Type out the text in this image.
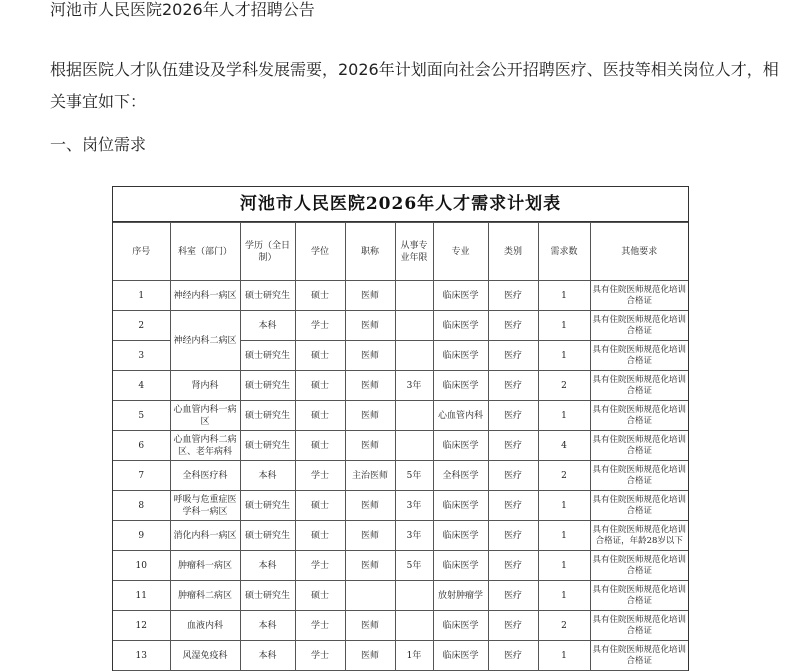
河池市人民医院2026年人才招聘公告
根据医院人才队伍建设及学科发展需要，2026年计划面向社会公开招聘医疗、医技等相关岗位人才，相关事宜如下：
一、岗位需求
河池市人民医院2026年人才需求计划表
序号	科室（部门）	学历（全日制）	学位	职称	从事专业年限	专业	类别	需求数	其他要求
1	神经内科一病区	硕士研究生	硕士	医师		临床医学	医疗	1	具有住院医师规范化培训合格证
2	神经内科二病区	本科	学士	医师		临床医学	医疗	1	具有住院医师规范化培训合格证
3		硕士研究生	硕士	医师		临床医学	医疗	1	具有住院医师规范化培训合格证
4	肾内科	硕士研究生	硕士	医师	3年	临床医学	医疗	2	具有住院医师规范化培训合格证
5	心血管内科一病区	硕士研究生	硕士	医师		心血管内科	医疗	1	具有住院医师规范化培训合格证
6	心血管内科二病区、老年病科	硕士研究生	硕士	医师		临床医学	医疗	4	具有住院医师规范化培训合格证
7	全科医疗科	本科	学士	主治医师	5年	全科医学	医疗	2	具有住院医师规范化培训合格证
8	呼吸与危重症医学科一病区	硕士研究生	硕士	医师	3年	临床医学	医疗	1	具有住院医师规范化培训合格证
9	消化内科一病区	硕士研究生	硕士	医师	3年	临床医学	医疗	1	具有住院医师规范化培训合格证，年龄28岁以下
10	肿瘤科一病区	本科	学士	医师	5年	临床医学	医疗	1	具有住院医师规范化培训合格证
11	肿瘤科二病区	硕士研究生	硕士			放射肿瘤学	医疗	1	具有住院医师规范化培训合格证
12	血液内科	本科	学士	医师		临床医学	医疗	2	具有住院医师规范化培训合格证
13	风湿免疫科	本科	学士	医师	1年	临床医学	医疗	1	具有住院医师规范化培训合格证
